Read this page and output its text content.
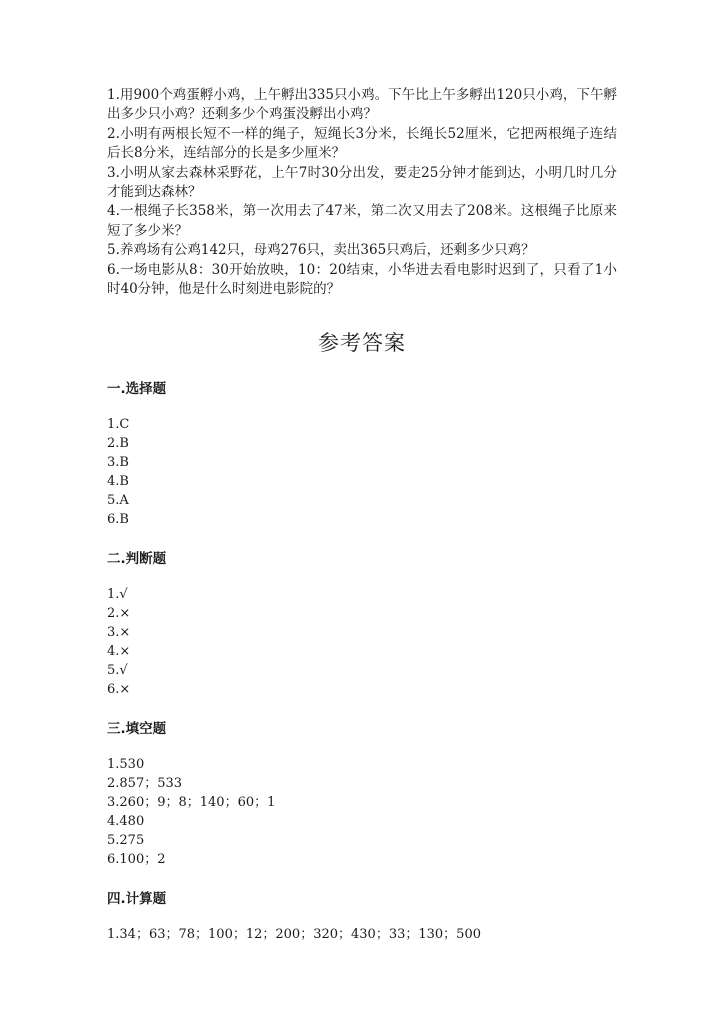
1.用900个鸡蛋孵小鸡，上午孵出335只小鸡。下午比上午多孵出120只小鸡，下午孵出多少只小鸡？还剩多少个鸡蛋没孵出小鸡？

2.小明有两根长短不一样的绳子，短绳长3分米，长绳长52厘米，它把两根绳子连结后长8分米，连结部分的长是多少厘米？

3.小明从家去森林采野花，上午7时30分出发，要走25分钟才能到达，小明几时几分才能到达森林？

4.一根绳子长358米，第一次用去了47米，第二次又用去了208米。这根绳子比原来短了多少米？

5.养鸡场有公鸡142只，母鸡276只，卖出365只鸡后，还剩多少只鸡？

6.一场电影从8：30开始放映，10：20结束，小华进去看电影时迟到了，只看了1小时40分钟，他是什么时刻进电影院的？

参考答案
一.选择题

1.C

2.B

3.B

4.B

5.A

6.B

二.判断题

1.√

2.×

3.×

4.×

5.√

6.×

三.填空题

1.530

2.857；533

3.260；9；8；140；60；1

4.480

5.275

6.100；2

四.计算题

1.34；63；78；100；12；200；320；430；33；130；500
